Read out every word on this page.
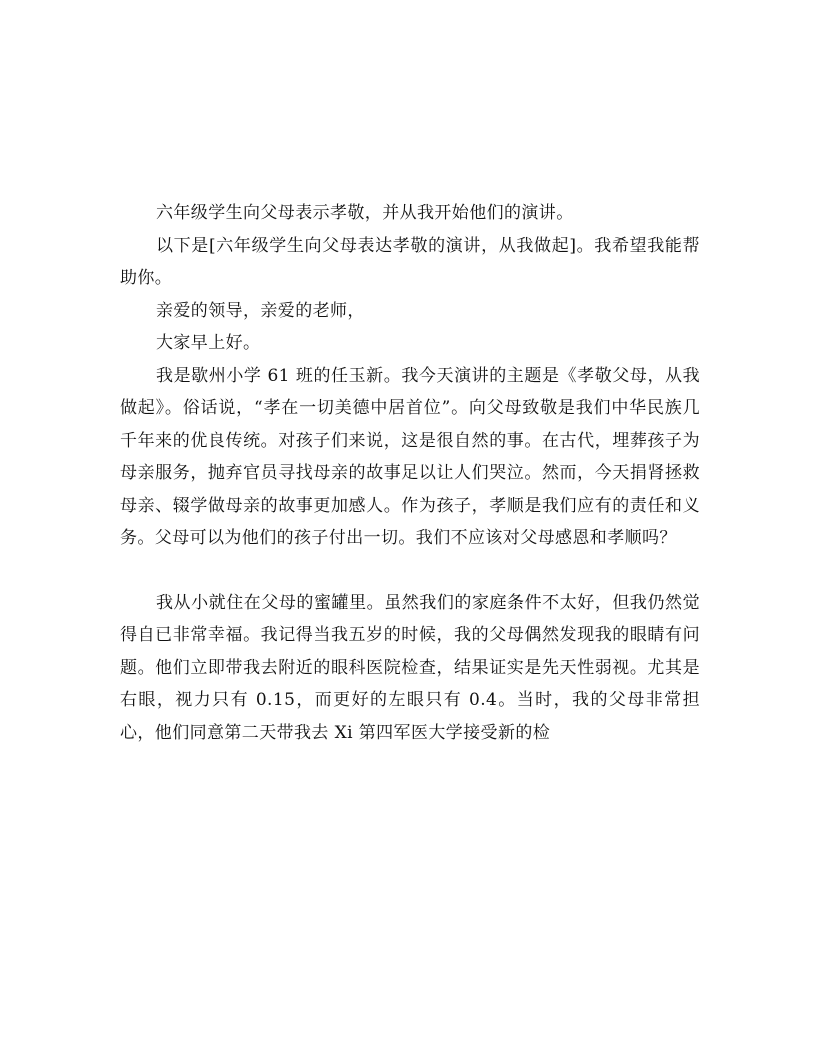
六年级学生向父母表示孝敬，并从我开始他们的演讲。

以下是[六年级学生向父母表达孝敬的演讲，从我做起]。我希望我能帮助你。

亲爱的领导，亲爱的老师，

大家早上好。

我是歇州小学 61 班的任玉新。我今天演讲的主题是《孝敬父母，从我做起》。俗话说，“孝在一切美德中居首位”。向父母致敬是我们中华民族几千年来的优良传统。对孩子们来说，这是很自然的事。在古代，埋葬孩子为母亲服务，抛弃官员寻找母亲的故事足以让人们哭泣。然而，今天捐肾拯救母亲、辍学做母亲的故事更加感人。作为孩子，孝顺是我们应有的责任和义务。父母可以为他们的孩子付出一切。我们不应该对父母感恩和孝顺吗？

我从小就住在父母的蜜罐里。虽然我们的家庭条件不太好，但我仍然觉得自已非常幸福。我记得当我五岁的时候，我的父母偶然发现我的眼睛有问题。他们立即带我去附近的眼科医院检查，结果证实是先天性弱视。尤其是右眼，视力只有 0.15，而更好的左眼只有 0.4。当时，我的父母非常担心，他们同意第二天带我去 Xi 第四军医大学接受新的检
